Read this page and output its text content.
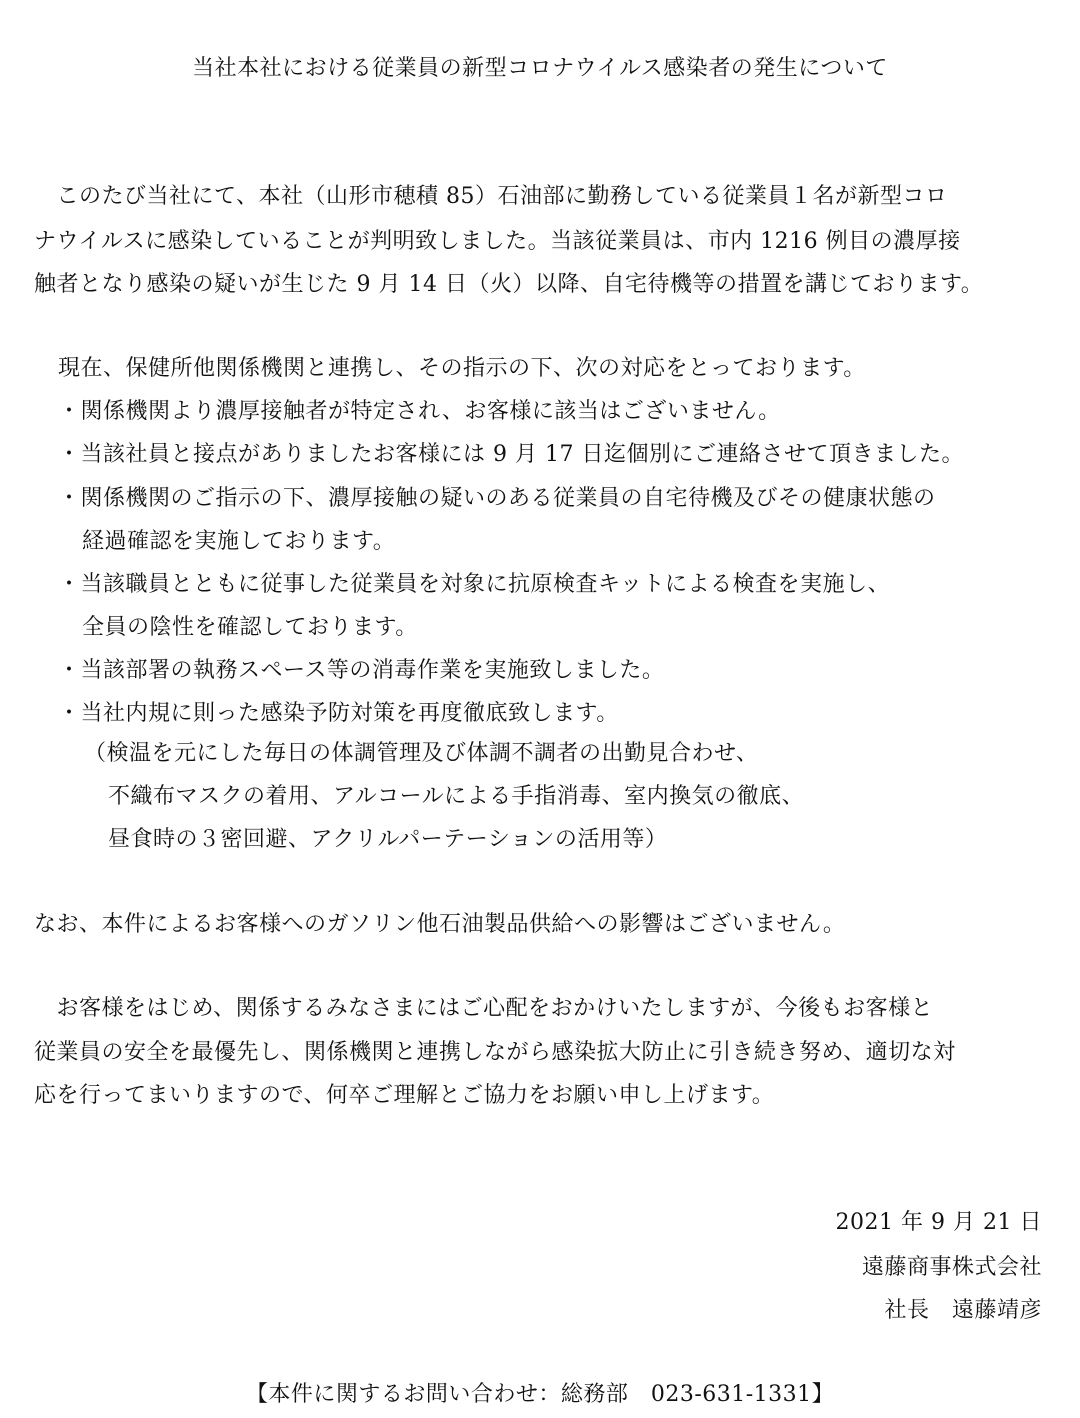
当社本社における従業員の新型コロナウイルス感染者の発生について
　このたび当社にて、本社（山形市穂積 85）石油部に勤務している従業員１名が新型コロ
ナウイルスに感染していることが判明致しました。当該従業員は、市内 1216 例目の濃厚接
触者となり感染の疑いが生じた 9 月 14 日（火）以降、自宅待機等の措置を講じております。
現在、保健所他関係機関と連携し、その指示の下、次の対応をとっております。
・関係機関より濃厚接触者が特定され、お客様に該当はございません。
・当該社員と接点がありましたお客様には 9 月 17 日迄個別にご連絡させて頂きました。
・関係機関のご指示の下、濃厚接触の疑いのある従業員の自宅待機及びその健康状態の
経過確認を実施しております。
・当該職員とともに従事した従業員を対象に抗原検査キットによる検査を実施し、
全員の陰性を確認しております。
・当該部署の執務スペース等の消毒作業を実施致しました。
・当社内規に則った感染予防対策を再度徹底致します。
（検温を元にした毎日の体調管理及び体調不調者の出勤見合わせ、
不織布マスクの着用、アルコールによる手指消毒、室内換気の徹底、
昼食時の３密回避、アクリルパーテーションの活用等）
なお、本件によるお客様へのガソリン他石油製品供給への影響はございません。
　お客様をはじめ、関係するみなさまにはご心配をおかけいたしますが、今後もお客様と
従業員の安全を最優先し、関係機関と連携しながら感染拡大防止に引き続き努め、適切な対
応を行ってまいりますので、何卒ご理解とご協力をお願い申し上げます。
2021 年 9 月 21 日
遠藤商事株式会社
社長　遠藤靖彦
【本件に関するお問い合わせ：総務部　023-631-1331】
